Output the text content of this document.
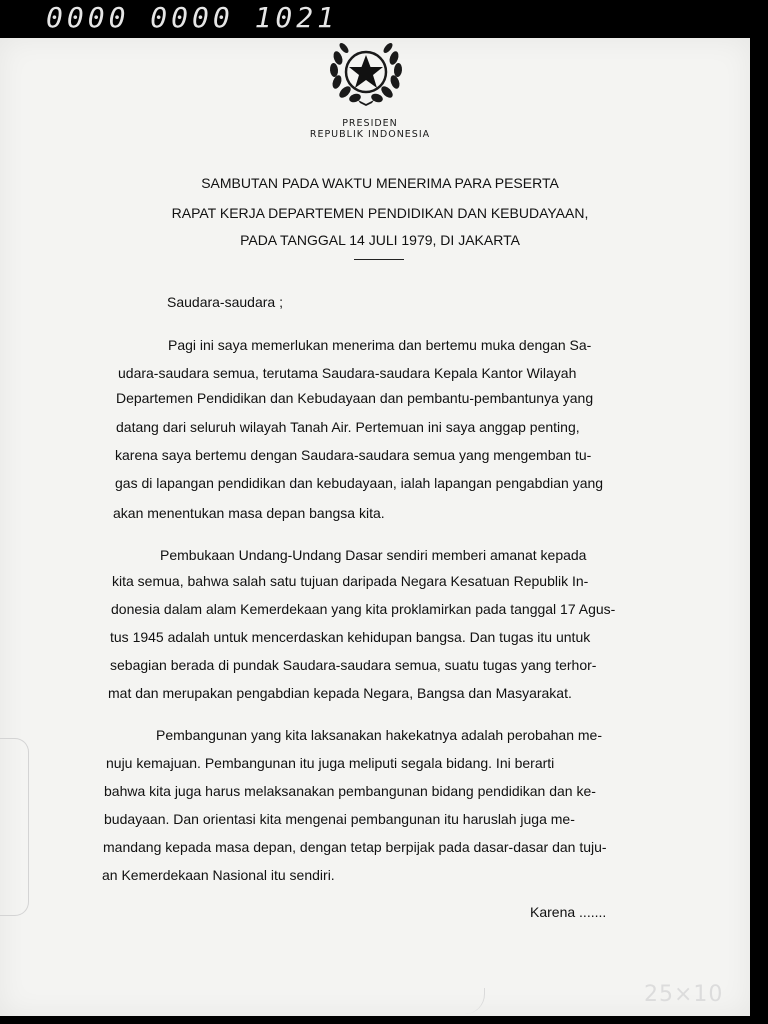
0000 0000 1021
PRESIDEN
REPUBLIK INDONESIA
SAMBUTAN PADA WAKTU MENERIMA PARA PESERTA
RAPAT KERJA DEPARTEMEN PENDIDIKAN DAN KEBUDAYAAN,
PADA TANGGAL 14 JULI 1979, DI JAKARTA
Saudara-saudara ;
Pagi ini saya memerlukan menerima dan bertemu muka dengan Sa-
udara-saudara semua, terutama Saudara-saudara Kepala Kantor Wilayah
Departemen Pendidikan dan Kebudayaan dan pembantu-pembantunya yang
datang dari seluruh wilayah Tanah Air. Pertemuan ini saya anggap penting,
karena saya bertemu dengan Saudara-saudara semua yang mengemban tu-
gas di lapangan pendidikan dan kebudayaan, ialah lapangan pengabdian yang
akan menentukan masa depan bangsa kita.
Pembukaan Undang-Undang Dasar sendiri memberi amanat kepada
kita semua, bahwa salah satu tujuan daripada Negara Kesatuan Republik In-
donesia dalam alam Kemerdekaan yang kita proklamirkan pada tanggal 17 Agus-
tus 1945 adalah untuk mencerdaskan kehidupan bangsa. Dan tugas itu untuk
sebagian berada di pundak Saudara-saudara semua, suatu tugas yang terhor-
mat dan merupakan pengabdian kepada Negara, Bangsa dan Masyarakat.
Pembangunan yang kita laksanakan hakekatnya adalah perobahan me-
nuju kemajuan. Pembangunan itu juga meliputi segala bidang. Ini berarti
bahwa kita juga harus melaksanakan pembangunan bidang pendidikan dan ke-
budayaan. Dan orientasi kita mengenai pembangunan itu haruslah juga me-
mandang kepada masa depan, dengan tetap berpijak pada dasar-dasar dan tuju-
an Kemerdekaan Nasional itu sendiri.
Karena .......
25×10
